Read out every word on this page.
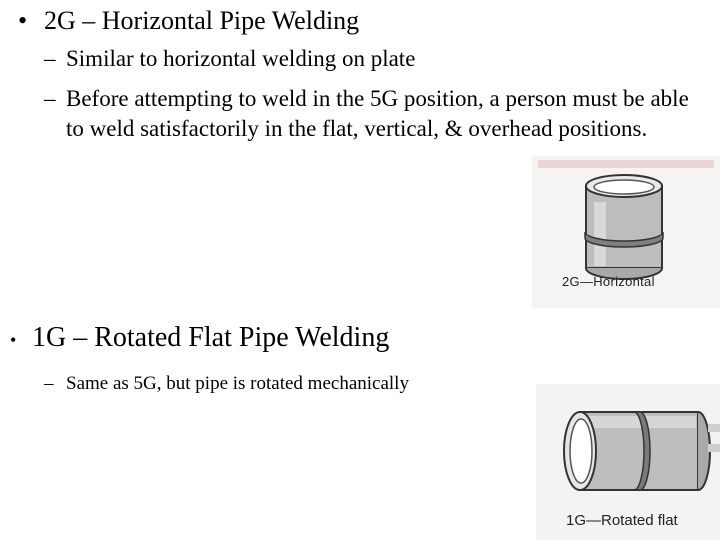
• 2G – Horizontal Pipe Welding
– Similar to horizontal welding on plate
– Before attempting to weld in the 5G position, a person must be able to weld satisfactorily in the flat, vertical, & overhead positions.
2G—Horizontal
• 1G – Rotated Flat Pipe Welding
– Same as 5G, but pipe is rotated mechanically
1G—Rotated flat
